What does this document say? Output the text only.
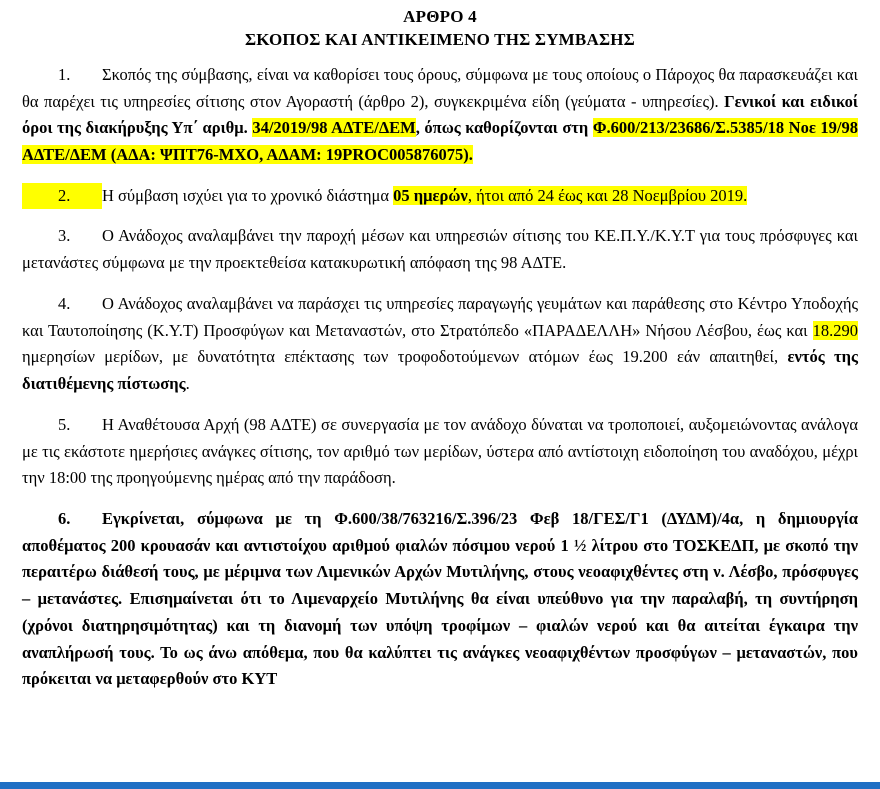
ΑΡΘΡΟ 4
ΣΚΟΠΟΣ ΚΑΙ ΑΝΤΙΚΕΙΜΕΝΟ ΤΗΣ ΣΥΜΒΑΣΗΣ
1. Σκοπός της σύμβασης, είναι να καθορίσει τους όρους, σύμφωνα με τους οποίους ο Πάροχος θα παρασκευάζει και θα παρέχει τις υπηρεσίες σίτισης στον Αγοραστή (άρθρο 2), συγκεκριμένα είδη (γεύματα - υπηρεσίες). Γενικοί και ειδικοί όροι της διακήρυξης Υπ΄ αριθμ. 34/2019/98 ΑΔΤΕ/ΔΕΜ, όπως καθορίζονται στη Φ.600/213/23686/Σ.5385/18 Νοε 19/98 ΑΔΤΕ/ΔΕΜ (ΑΔΑ: ΨΠΤ76-ΜΧΟ, ΑΔΑΜ: 19PROC005876075).
2. Η σύμβαση ισχύει για το χρονικό διάστημα 05 ημερών, ήτοι από 24 έως και 28 Νοεμβρίου 2019.
3. Ο Ανάδοχος αναλαμβάνει την παροχή μέσων και υπηρεσιών σίτισης του ΚΕ.Π.Υ./Κ.Υ.Τ για τους πρόσφυγες και μετανάστες σύμφωνα με την προεκτεθείσα κατακυρωτική απόφαση της 98 ΑΔΤΕ.
4. Ο Ανάδοχος αναλαμβάνει να παράσχει τις υπηρεσίες παραγωγής γευμάτων και παράθεσης στο Κέντρο Υποδοχής και Ταυτοποίησης (Κ.Υ.Τ) Προσφύγων και Μεταναστών, στο Στρατόπεδο «ΠΑΡΑΔΕΛΛΗ» Νήσου Λέσβου, έως και 18.290 ημερησίων μερίδων, με δυνατότητα επέκτασης των τροφοδοτούμενων ατόμων έως 19.200 εάν απαιτηθεί, εντός της διατιθέμενης πίστωσης.
5. Η Αναθέτουσα Αρχή (98 ΑΔΤΕ) σε συνεργασία με τον ανάδοχο δύναται να τροποποιεί, αυξομειώνοντας ανάλογα με τις εκάστοτε ημερήσιες ανάγκες σίτισης, τον αριθμό των μερίδων, ύστερα από αντίστοιχη ειδοποίηση του αναδόχου, μέχρι την 18:00 της προηγούμενης ημέρας από την παράδοση.
6. Εγκρίνεται, σύμφωνα με τη Φ.600/38/763216/Σ.396/23 Φεβ 18/ΓΕΣ/Γ1 (ΔΥΔΜ)/4α, η δημιουργία αποθέματος 200 κρουασάν και αντιστοίχου αριθμού φιαλών πόσιμου νερού 1 ½ λίτρου στο ΤΟΣΚΕΔΠ, με σκοπό την περαιτέρω διάθεσή τους, με μέριμνα των Λιμενικών Αρχών Μυτιλήνης, στους νεοαφιχθέντες στη ν. Λέσβο, πρόσφυγες – μετανάστες. Επισημαίνεται ότι το Λιμεναρχείο Μυτιλήνης θα είναι υπεύθυνο για την παραλαβή, τη συντήρηση (χρόνοι διατηρησιμότητας) και τη διανομή των υπόψη τροφίμων – φιαλών νερού και θα αιτείται έγκαιρα την αναπλήρωσή τους. Το ως άνω απόθεμα, που θα καλύπτει τις ανάγκες νεοαφιχθέντων προσφύγων – μεταναστών, που πρόκειται να μεταφερθούν στο ΚΥΤ
